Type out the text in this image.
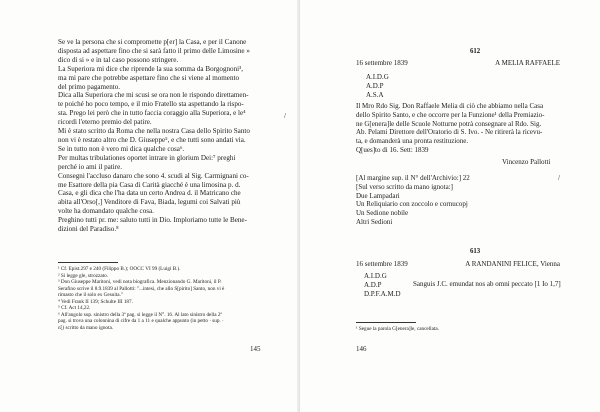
Se ve la persona che si compromette p[er] la Casa, e per il Canone
disposta ad aspettare fino che si sarà fatto il primo delle Limosine »
dico di si » e in tal caso possono stringere.
La Superiora mi dice che riprende la sua somma da Borgognoni³,
ma mi pare che potrebbe aspettare fino che si viene al momento
del primo pagamento.
Dica alla Superiora che mi scusi se ora non le rispondo direttamen-
te poiché ho poco tempo, e il mio Fratello sta aspettando la rispo-
sta. Prego lei però che in tutto faccia coraggio alla Superiora, e le⁴
ricordi l'eterno premio del patire.
Mi è stato scritto da Roma che nella nostra Casa dello Spirito Santo
non vi è restato altro che D. Giuseppe⁵, e che tutti sono andati via.
Se in tutto non è vero mi dica qualche cosa⁶.
Per multas tribulationes oportet intrare in glorium Dei:⁷ preghi
perché io ami il patire.
Consegni l'accluso danaro che sono 4. scudi al Sig. Carmignani co-
me Esattore della pia Casa di Carità giacché è una limosina p. d.
Casa, e gli dica che l'ha data un certo Andrea d. il Matricano che
abita all'Orso[,] Venditore di Fava, Biada, legumi coi Salvati più
volte ha domandato qualche cosa.
Preghino tutti pr. me: saluto tutti in Dio. Imploriamo tutte le Bene-
dizioni del Paradiso.⁸
/
¹ Cf. Epist.297 e 240 (Filippo B.); OOCC VI 99 (Luigi B.).
² Si legge gle, strozzato.
³ Don Giuseppe Maritoni, vedi nota biografica. Menzionando G. Maritoni, il P.
Serafino scrive il 8.9.1839 al Pallotti: "...intesi, che allo S[pirito] Santo, non vi è
rimasto che il solo ex Gesuita."
⁴ Vedi Frank II 139; Schulte III 187.
⁵ Cf. Act 14,22.
⁶ All'angolo sup. sinistro della 3ª pag. si legge il N°. 16. Al lato sinistro della 2ª
pag. si trova una colonnina di cifre da 1 a 11 e qualche appunto (in petto · sup. ·
εξ) scritto da mano ignota.
145
612
16 settembre 1839	A MELIA RAFFAELE
A.I.D.G
A.D.P
A.S.A
Il Mro Rdo Sig. Don Raffaele Melia di ciò che abbiamo nella Casa
dello Spirito Santo, e che occorre per la Funzione¹ della Premiazio-
ne G[enera]le delle Scuole Notturne potrà consegnare al Rdo. Sig.
Ab. Pelami Direttore dell'Oratorio di S. Ivo. - Ne ritirerà la ricevu-
ta, e domanderà una pronta restituzione.
Q[ues]to di 16. Sett: 1839
Vincenzo Pallotti
[Al margine sup. il N° dell'Archivio:] 22
[Sul verso scritto da mano ignota:]
Due Lampadari
Un Reliquiario con zoccolo e cornucopj
Un Sedione nobile
Altri Sedioni
/
613
16 settembre 1839	A RANDANINI FELICE, Vienna
A.I.D.G
A.D.P
D.P.F.A.M.D
Sanguis J.C. emundat nos ab omni peccato [1 Io 1,7]
¹ Segue la parola G[enera]le, cancellata.
146
